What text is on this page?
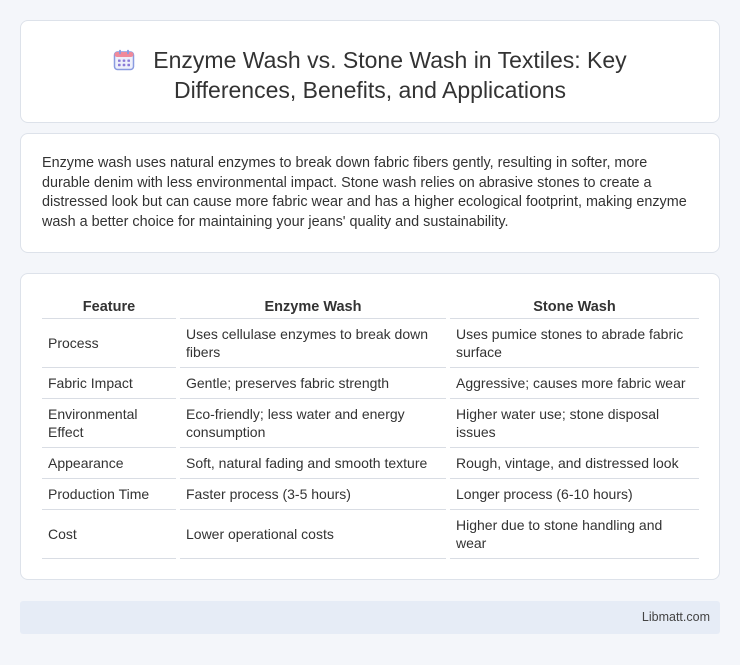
Enzyme Wash vs. Stone Wash in Textiles: Key
Differences, Benefits, and Applications

Enzyme wash uses natural enzymes to break down fabric fibers gently, resulting in softer, more durable denim with less environmental impact. Stone wash relies on abrasive stones to create a distressed look but can cause more fabric wear and has a higher ecological footprint, making enzyme wash a better choice for maintaining your jeans' quality and sustainability.

Feature	Enzyme Wash	Stone Wash
Process	Uses cellulase enzymes to break down fibers	Uses pumice stones to abrade fabric surface
Fabric Impact	Gentle; preserves fabric strength	Aggressive; causes more fabric wear
Environmental Effect	Eco-friendly; less water and energy consumption	Higher water use; stone disposal issues
Appearance	Soft, natural fading and smooth texture	Rough, vintage, and distressed look
Production Time	Faster process (3-5 hours)	Longer process (6-10 hours)
Cost	Lower operational costs	Higher due to stone handling and wear
Libmatt.com
